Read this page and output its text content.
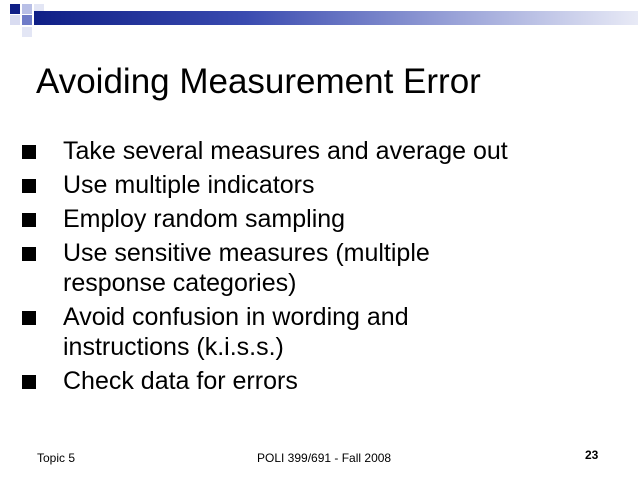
Avoiding Measurement Error
Take several measures and average out
Use multiple indicators
Employ random sampling
Use sensitive measures (multiple
response categories)
Avoid confusion in wording and
instructions (k.i.s.s.)
Check data for errors
Topic 5	POLI 399/691 - Fall 2008	23
